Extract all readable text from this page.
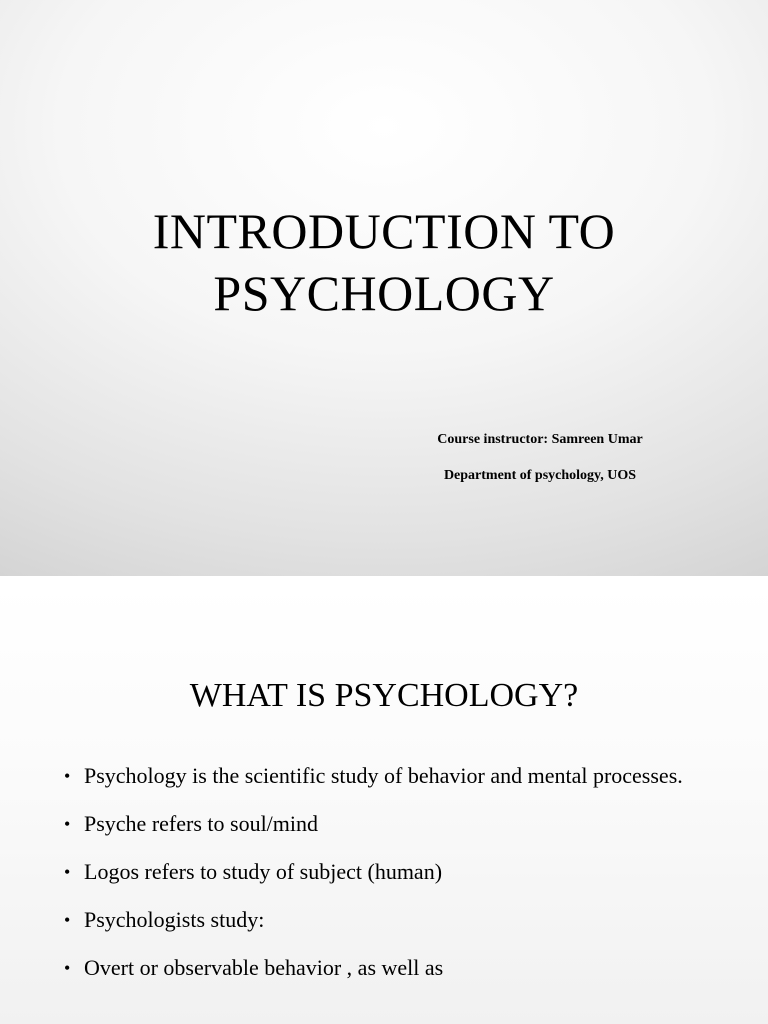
INTRODUCTION TO
PSYCHOLOGY
Course instructor: Samreen Umar
Department of psychology, UOS
WHAT IS PSYCHOLOGY?
• Psychology is the scientific study of behavior and mental processes.
• Psyche refers to soul/mind
• Logos refers to study of subject (human)
• Psychologists study:
• Overt or observable behavior , as well as
